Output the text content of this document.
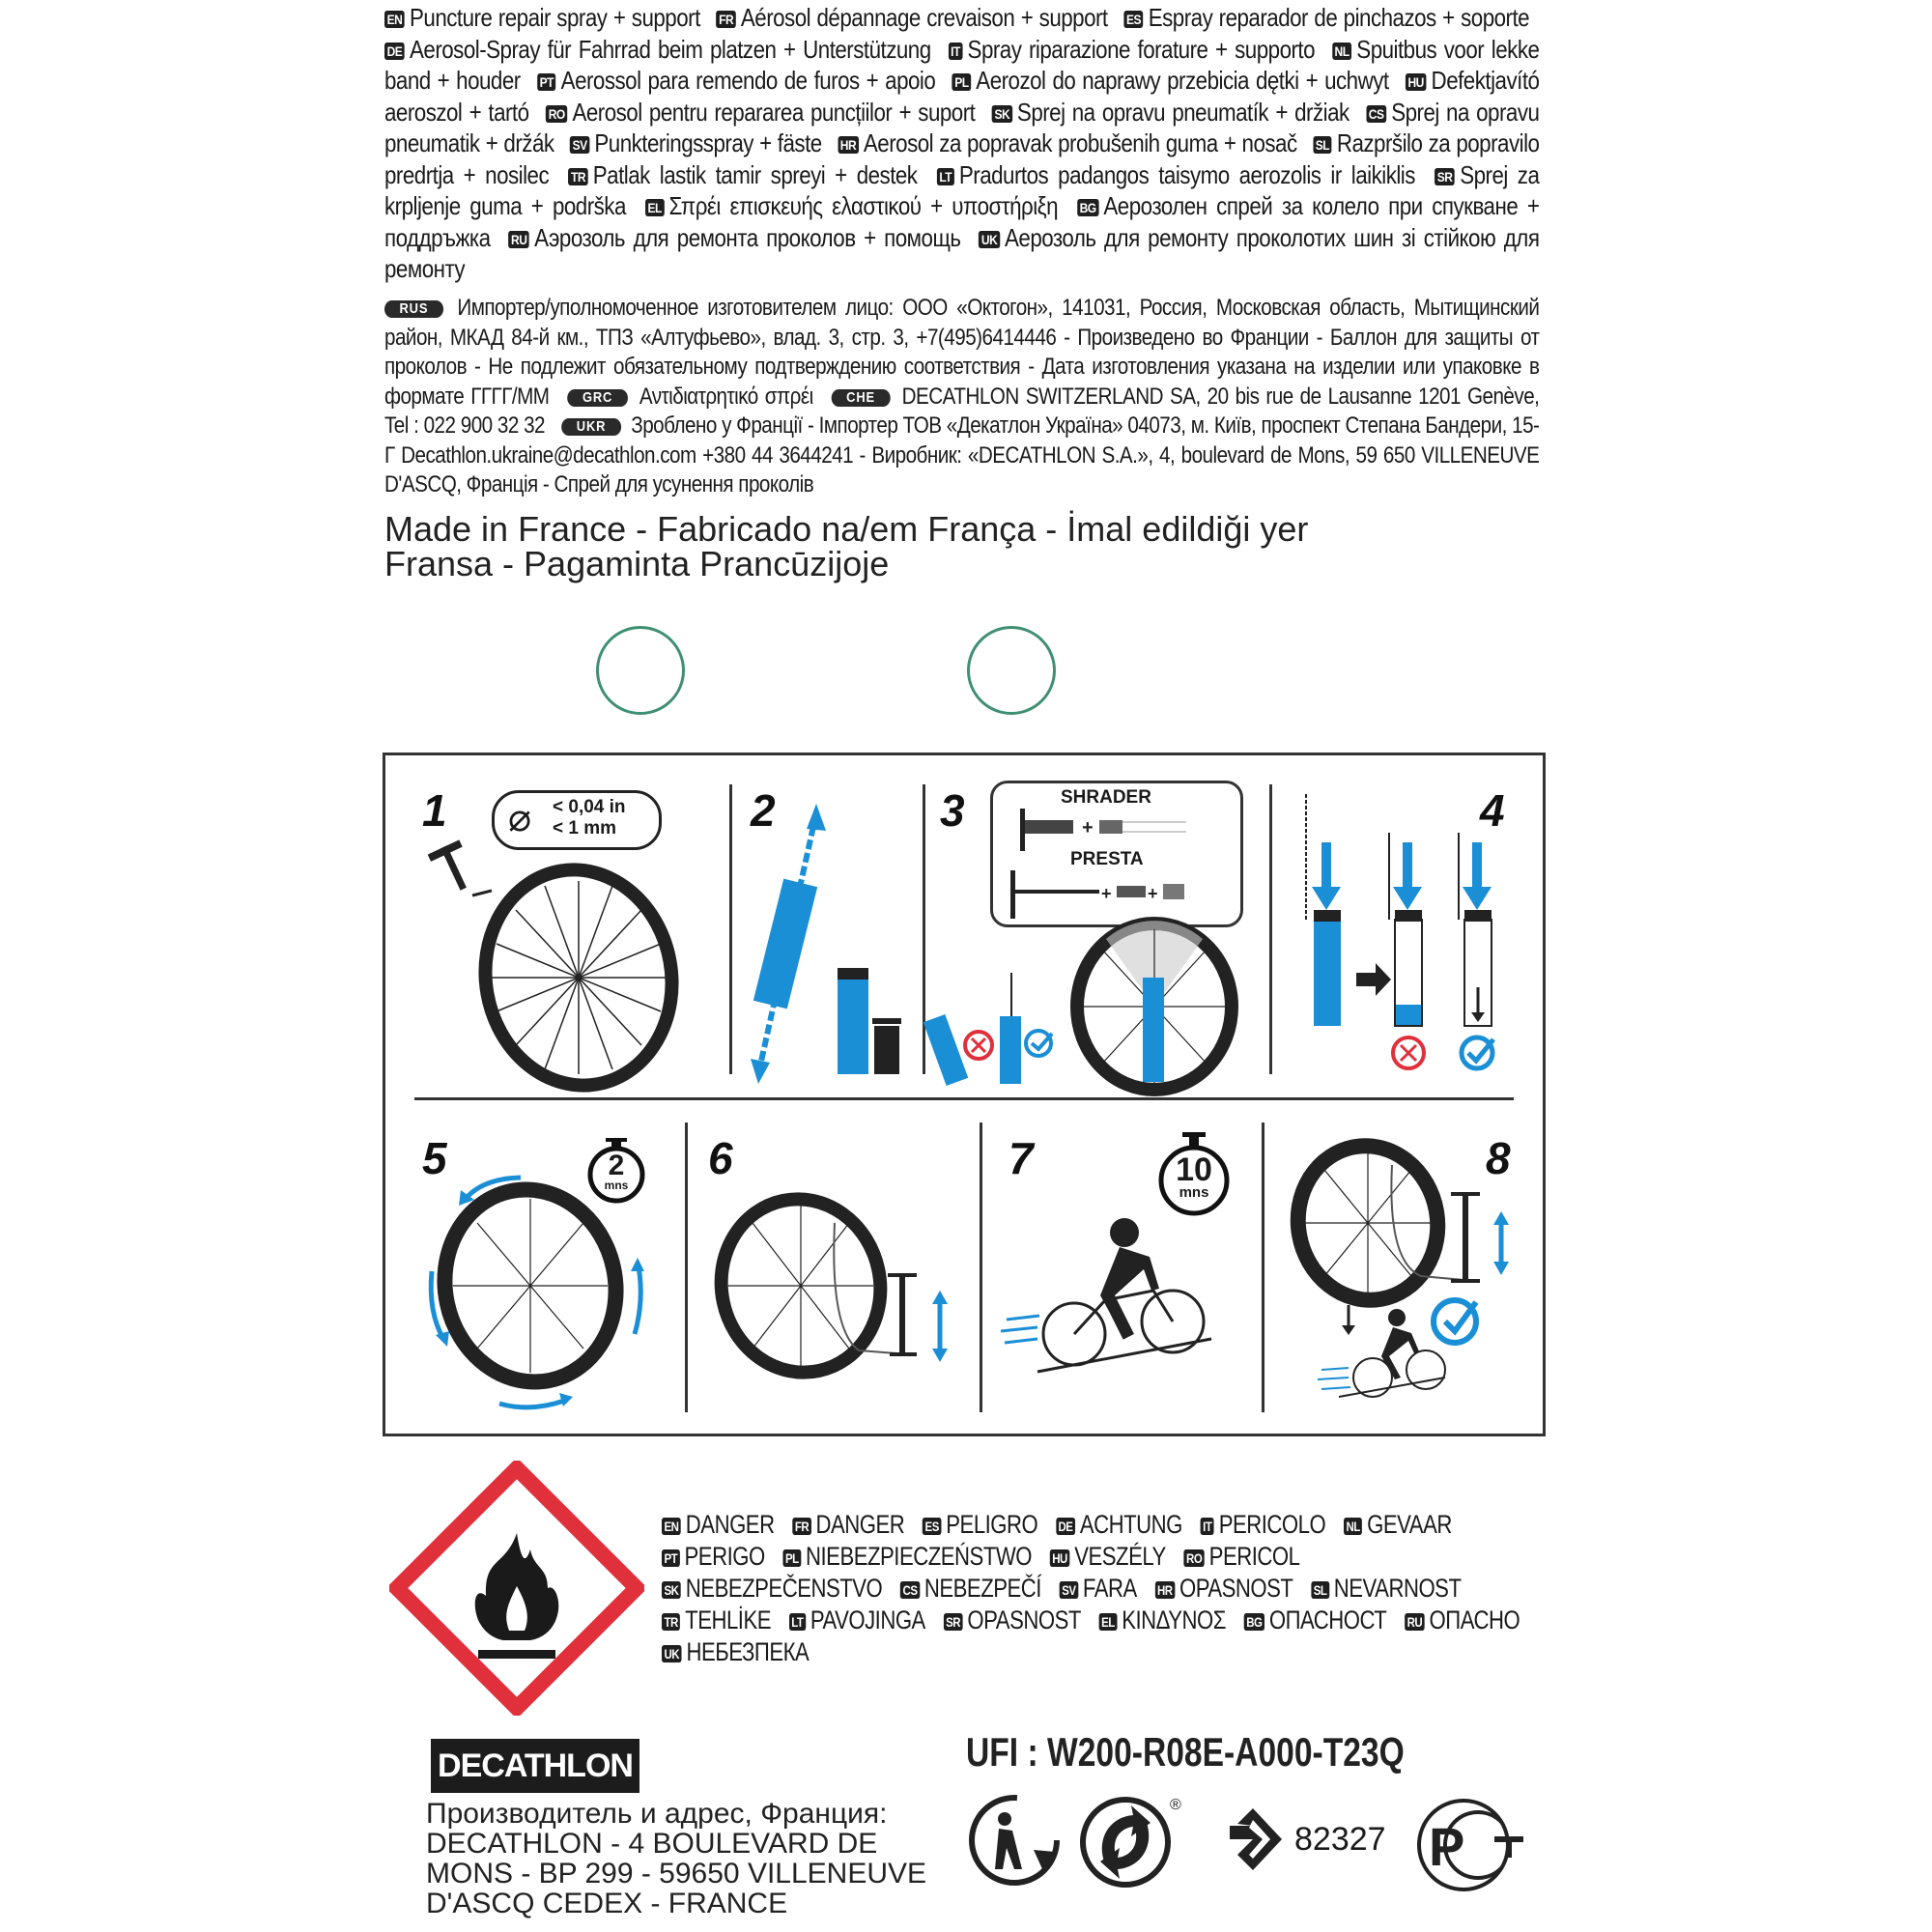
EN Puncture repair spray + support FR Aérosol dépannage crevaison + support ES Espray reparador de pinchazos + soporte DE Aerosol-Spray für Fahrrad beim platzen + Unterstützung IT Spray riparazione forature + supporto NL Spuitbus voor lekke band + houder PT Aerossol para remendo de furos + apoio PL Aerozol do naprawy przebicia dętki + uchwyt HU Defektjavító aeroszol + tartó RO Aerosol pentru repararea puncțiilor + suport SK Sprej na opravu pneumatík + držiak CS Sprej na opravu pneumatik + držák SV Punkteringsspray + fäste HR Aerosol za popravak probušenih guma + nosač SL Razpršilo za popravilo predrtja + nosilec TR Patlak lastik tamir spreyi + destek LT Pradurtos padangos taisymo aerozolis ir laikiklis SR Sprej za krpljenje guma + podrška EL Σπρέι επισκευής ελαστικού + υποστήριξη BG Аерозолен спрей за колело при спукване + поддръжка RU Аэрозоль для ремонта проколов + помощь UK Аерозоль для ремонту проколотих шин зі стійкою для ремонту
RUS Импортер/уполномоченное изготовителем лицо: ООО «Октогон», 141031, Россия, Московская область, Мытищинский район, МКАД 84-й км., ТПЗ «Алтуфьево», влад. 3, стр. 3, +7(495)6414446 - Произведено во Франции - Баллон для защиты от проколов - Не подлежит обязательному подтверждению соответствия - Дата изготовления указана на изделии или упаковке в формате ГГГГ/ММ GRC Αντιδιατρητικό σπρέι CHE DECATHLON SWITZERLAND SA, 20 bis rue de Lausanne 1201 Genève, Tel : 022 900 32 32 UKR Зроблено у Франції - Імпортер ТОВ «Декатлон Україна» 04073, м. Київ, проспект Степана Бандери, 15-Г Decathlon.ukraine@decathlon.com +380 44 3644241 - Виробник: «DECATHLON S.A.», 4, boulevard de Mons, 59 650 VILLENEUVE D'ASCQ, Франція - Спрей для усунення проколів
Made in France - Fabricado na/em França - İmal edildiği yer
Fransa - Pagaminta Prancūzijoje
1 ⌀ < 0,04 in
< 1 mm	2	3	SHRADER
PRESTA
+
+ +
4
5	2
mns
6	7	10
mns
8
EN DANGER FR DANGER ES PELIGRO DE ACHTUNG IT PERICOLO NL GEVAAR PT PERIGO PL NIEBEZPIECZEŃSTWO HU VESZÉLY RO PERICOL SK NEBEZPEČENSTVO CS NEBEZPEČÍ SV FARA HR OPASNOST SL NEVARNOST TR TEHLİKE LT PAVOJINGA SR OPASNOST EL ΚΙΝΔΥΝΟΣ BG ОПАСНОСТ RU ОПАСНО UK НЕБЕЗПЕКА
DECATHLON
Производитель и адрес, Франция:
DECATHLON - 4 BOULEVARD DE
MONS - BP 299 - 59650 VILLENEUVE
D'ASCQ CEDEX - FRANCE
UFI : W200-R08E-A000-T23Q
®
82327 P
